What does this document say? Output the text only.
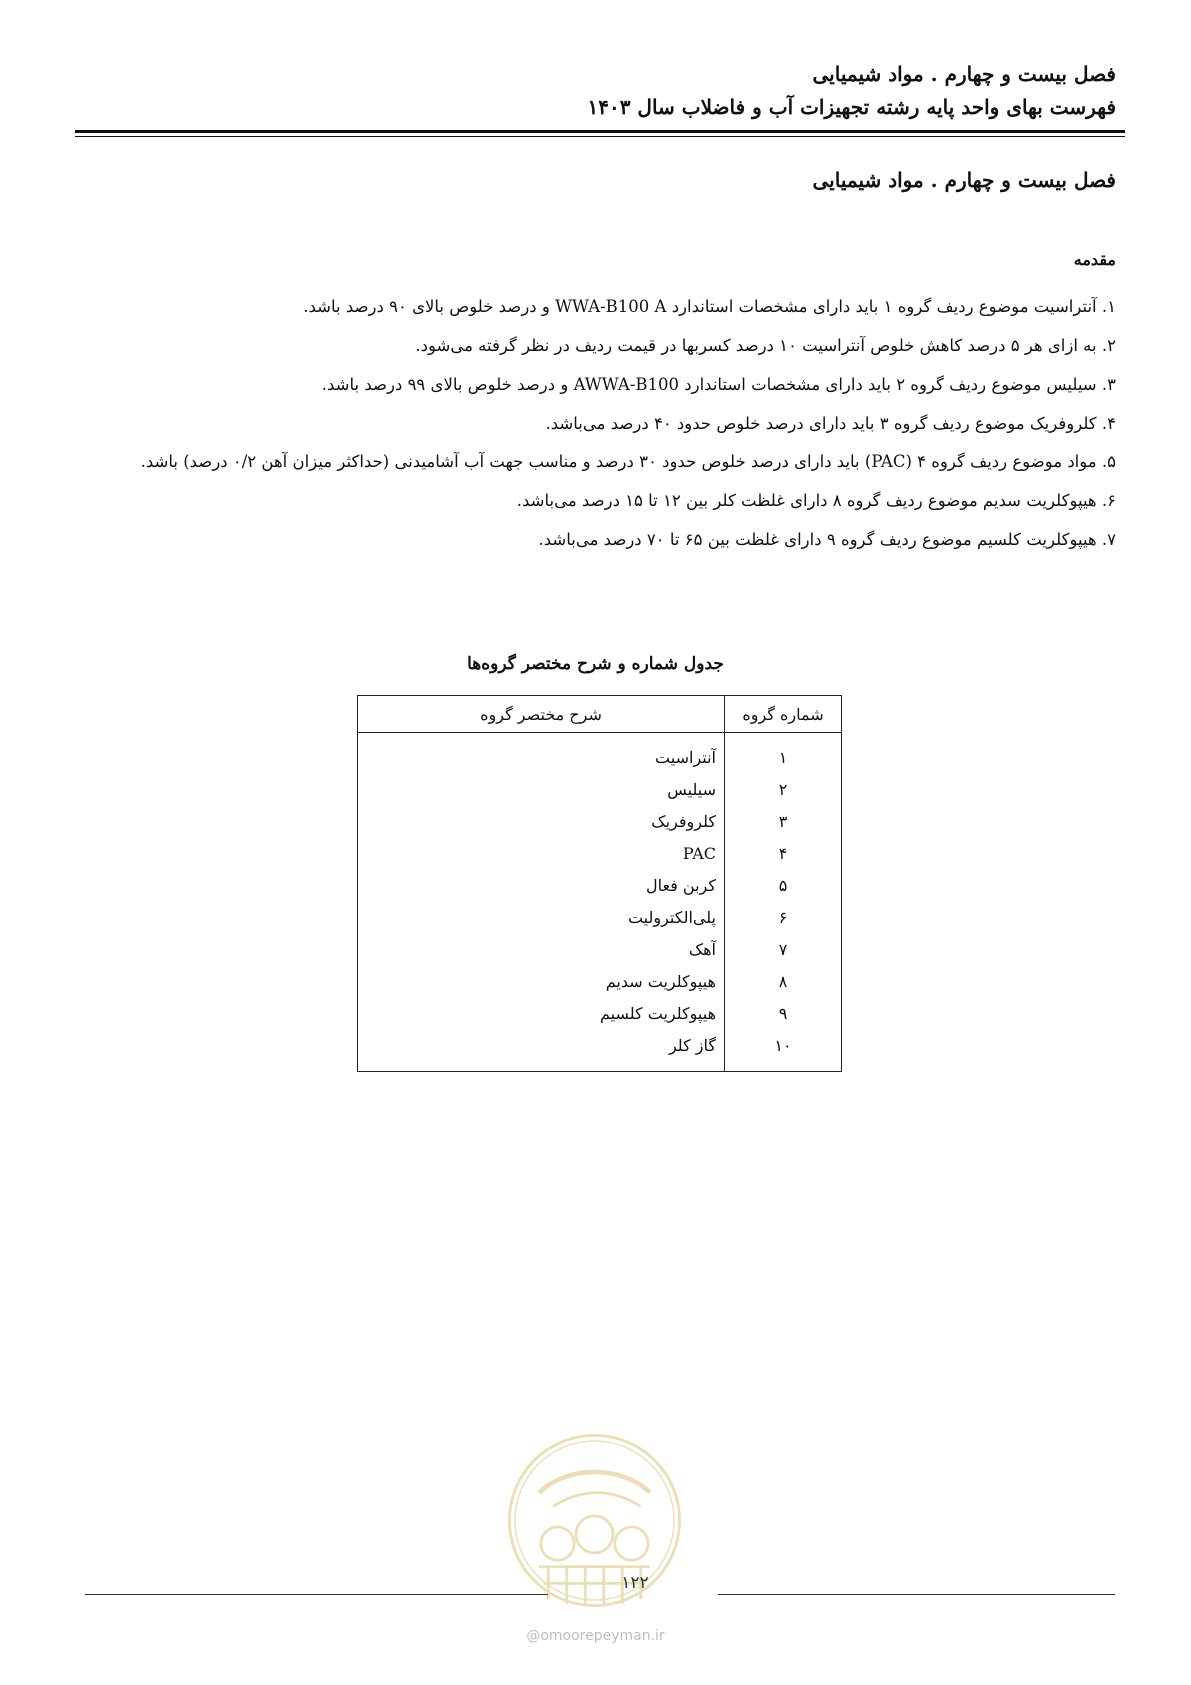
فصل بیست و چهارم . مواد شیمیایی
فهرست بهای واحد پایه رشته تجهیزات آب و فاضلاب سال ۱۴۰۳
فصل بیست و چهارم . مواد شیمیایی
مقدمه
۱. آنتراسیت موضوع ردیف گروه ۱ باید دارای مشخصات استاندارد WWA-B100 A و درصد خلوص بالای ۹۰ درصد باشد.
۲. به ازای هر ۵ درصد کاهش خلوص آنتراسیت ۱۰ درصد کسربها در قیمت ردیف در نظر گرفته می‌شود.
۳. سیلیس موضوع ردیف گروه ۲ باید دارای مشخصات استاندارد AWWA-B100 و درصد خلوص بالای ۹۹ درصد باشد.
۴. کلروفریک موضوع ردیف گروه ۳ باید دارای درصد خلوص حدود ۴۰ درصد می‌باشد.
۵. مواد موضوع ردیف گروه ۴ (PAC) باید دارای درصد خلوص حدود ۳۰ درصد و مناسب جهت آب آشامیدنی (حداکثر میزان آهن ۰/۲ درصد) باشد.
۶. هیپوکلریت سدیم موضوع ردیف گروه ۸ دارای غلظت کلر بین ۱۲ تا ۱۵ درصد می‌باشد.
۷. هیپوکلریت کلسیم موضوع ردیف گروه ۹ دارای غلظت بین ۶۵ تا ۷۰ درصد می‌باشد.
جدول شماره و شرح مختصر گروه‌ها
شماره گروه	شرح مختصر گروه
۱	آنتراسیت
۲	سیلیس
۳	کلروفریک
۴	PAC
۵	کربن فعال
۶	پلی‌الکترولیت
۷	آهک
۸	هیپوکلریت سدیم
۹	هیپوکلریت کلسیم
۱۰	گاز کلر
۱۲۲
@omoorepeyman.ir
